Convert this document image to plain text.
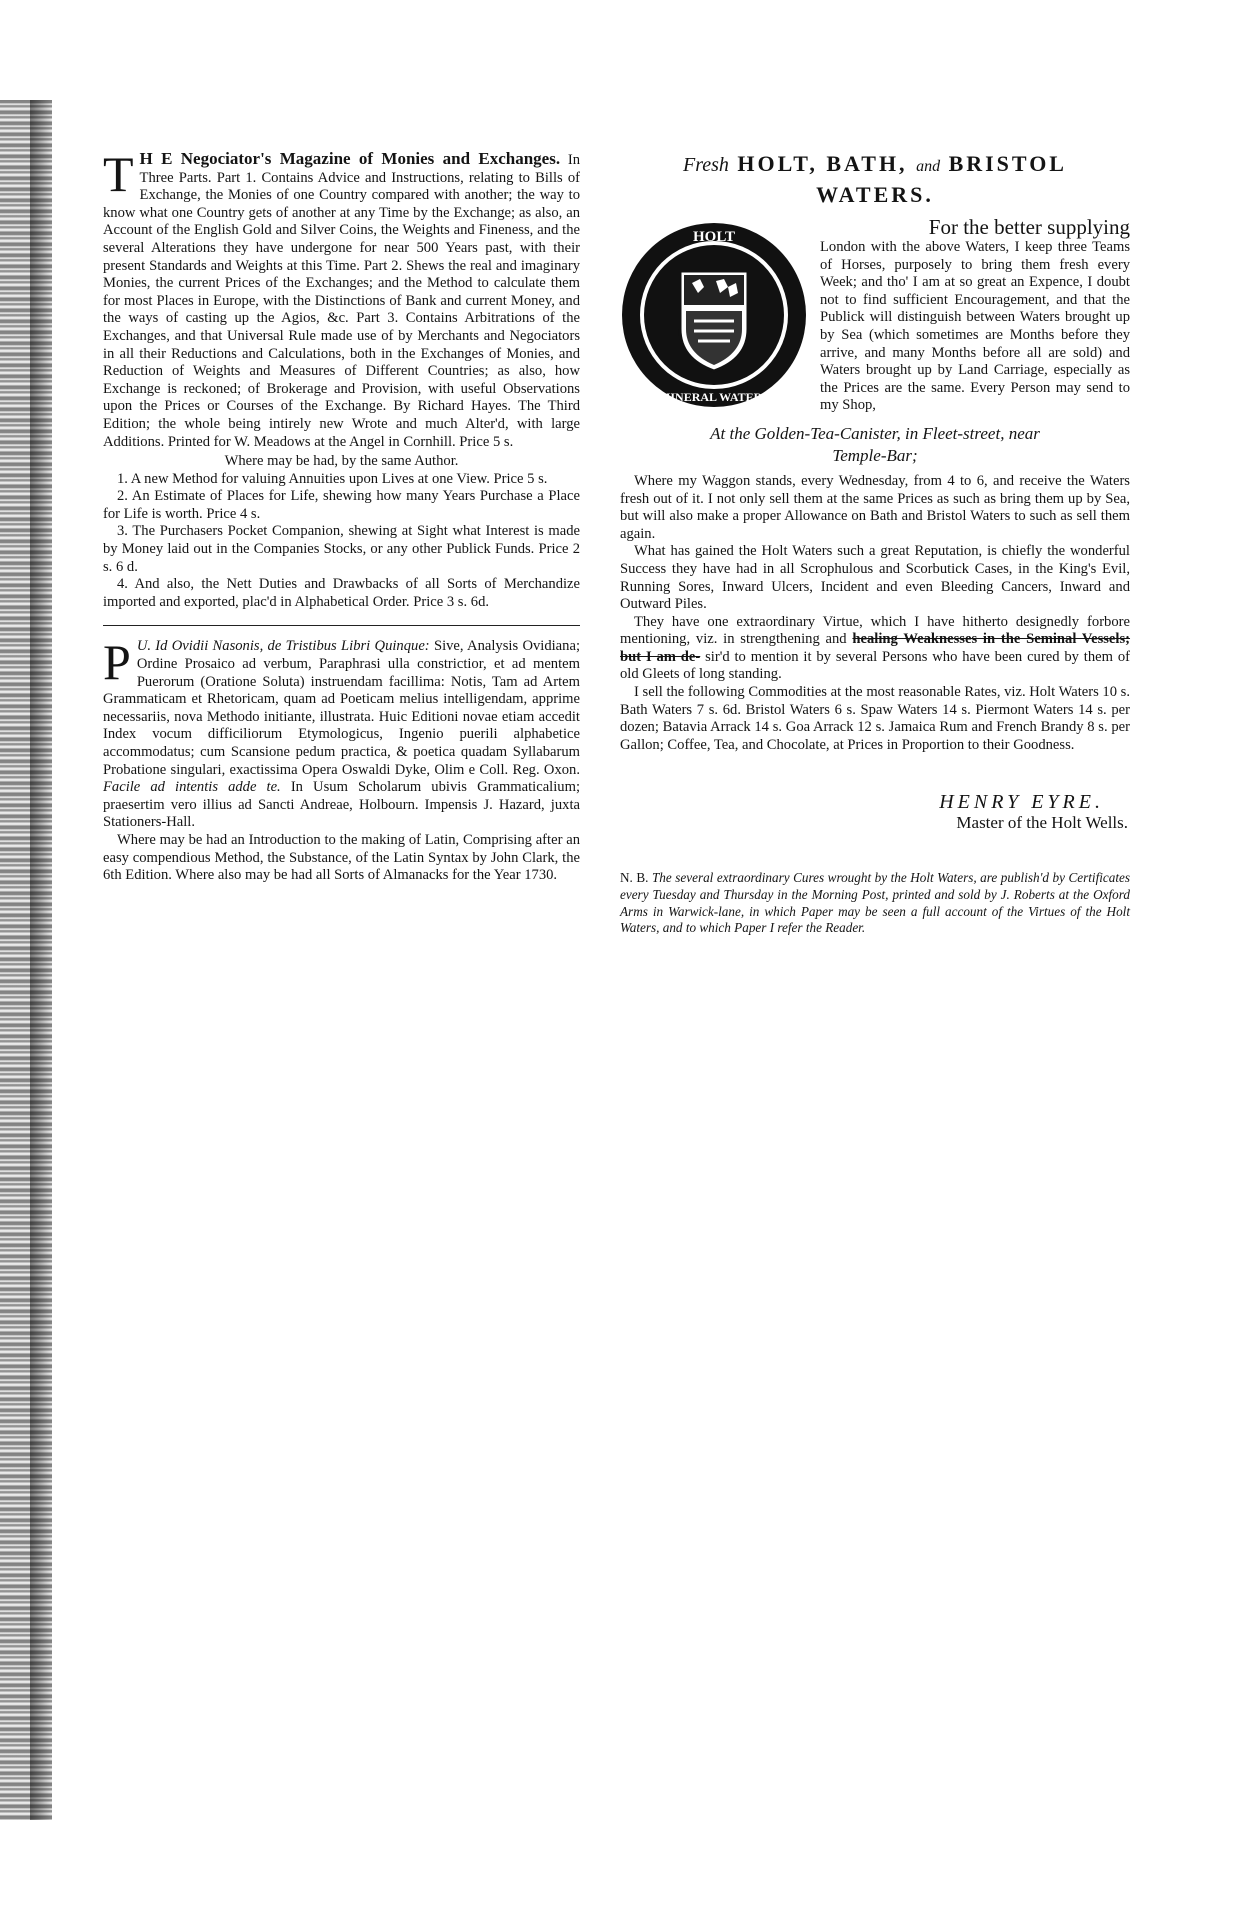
T H E Negociator's Magazine of Monies and Exchanges. In Three Parts. Part 1. Contains Advice and Instructions, relating to Bills of Exchange, the Monies of one Country compared with another; the way to know what one Country gets of another at any Time by the Exchange; as also, an Account of the English Gold and Silver Coins, the Weights and Fineness, and the several Alterations they have undergone for near 500 Years past, with their present Standards and Weights at this Time. Part 2. Shews the real and imaginary Monies, the current Prices of the Exchanges; and the Method to calculate them for most Places in Europe, with the Distinctions of Bank and current Money, and the ways of casting up the Agios, &c. Part 3. Contains Arbitrations of the Exchanges, and that Universal Rule made use of by Merchants and Negociators in all their Reductions and Calculations, both in the Exchanges of Monies, and Reduction of Weights and Measures of Different Countries; as also, how Exchange is reckoned; of Brokerage and Provision, with useful Observations upon the Prices or Courses of the Exchange. By Richard Hayes. The Third Edition; the whole being intirely new Wrote and much Alter'd, with large Additions. Printed for W. Meadows at the Angel in Cornhill. Price 5 s.

Where may be had, by the same Author.

1. A new Method for valuing Annuities upon Lives at one View. Price 5 s.

2. An Estimate of Places for Life, shewing how many Years Purchase a Place for Life is worth. Price 4 s.

3. The Purchasers Pocket Companion, shewing at Sight what Interest is made by Money laid out in the Companies Stocks, or any other Publick Funds. Price 2 s. 6 d.

4. And also, the Nett Duties and Drawbacks of all Sorts of Merchandize imported and exported, plac'd in Alphabetical Order. Price 3 s. 6d.

P U. Id Ovidii Nasonis, de Tristibus Libri Quinque: Sive, Analysis Ovidiana; Ordine Prosaico ad verbum, Paraphrasi ulla constrictior, et ad mentem Puerorum (Oratione Soluta) instruendam facillima: Notis, Tam ad Artem Grammaticam et Rhetoricam, quam ad Poeticam melius intelligendam, apprime necessariis, nova Methodo initiante, illustrata. Huic Editioni novae etiam accedit Index vocum difficiliorum Etymologicus, Ingenio puerili alphabetice accommodatus; cum Scansione pedum practica, & poetica quadam Syllabarum Probatione singulari, exactissima Opera Oswaldi Dyke, Olim e Coll. Reg. Oxon. Facile ad intentis adde te. In Usum Scholarum ubivis Grammaticalium; praesertim vero illius ad Sancti Andreae, Holbourn. Impensis J. Hazard, juxta Stationers-Hall.

Where may be had an Introduction to the making of Latin, Comprising after an easy compendious Method, the Substance, of the Latin Syntax by John Clark, the 6th Edition. Where also may be had all Sorts of Almanacks for the Year 1730.

Fresh HOLT, BATH, and BRISTOL
WATERS.
HOLT
MINERAL WATERS

For the better supplying

London with the above Waters, I keep three Teams of Horses, purposely to bring them fresh every Week; and tho' I am at so great an Expence, I doubt not to find sufficient Encouragement, and that the Publick will distinguish between Waters brought up by Sea (which sometimes are Months before they arrive, and many Months before all are sold) and Waters brought up by Land Carriage, especially as the Prices are the same. Every Person may send to my Shop,

At the Golden-Tea-Canister, in Fleet-street, near

Temple-Bar;

Where my Waggon stands, every Wednesday, from 4 to 6, and receive the Waters fresh out of it. I not only sell them at the same Prices as such as bring them up by Sea, but will also make a proper Allowance on Bath and Bristol Waters to such as sell them again.

What has gained the Holt Waters such a great Reputation, is chiefly the wonderful Success they have had in all Scrophulous and Scorbutick Cases, in the King's Evil, Running Sores, Inward Ulcers, Incident and even Bleeding Cancers, Inward and Outward Piles.

They have one extraordinary Virtue, which I have hitherto designedly forbore mentioning, viz. in strengthening and healing Weaknesses in the Seminal Vessels; but I am de- sir'd to mention it by several Persons who have been cured by them of old Gleets of long standing.

I sell the following Commodities at the most reasonable Rates, viz. Holt Waters 10 s. Bath Waters 7 s. 6d. Bristol Waters 6 s. Spaw Waters 14 s. Piermont Waters 14 s. per dozen; Batavia Arrack 14 s. Goa Arrack 12 s. Jamaica Rum and French Brandy 8 s. per Gallon; Coffee, Tea, and Chocolate, at Prices in Proportion to their Goodness.

HENRY EYRE.

Master of the Holt Wells.

N. B. The several extraordinary Cures wrought by the Holt Waters, are publish'd by Certificates every Tuesday and Thursday in the Morning Post, printed and sold by J. Roberts at the Oxford Arms in Warwick-lane, in which Paper may be seen a full account of the Virtues of the Holt Waters, and to which Paper I refer the Reader.
